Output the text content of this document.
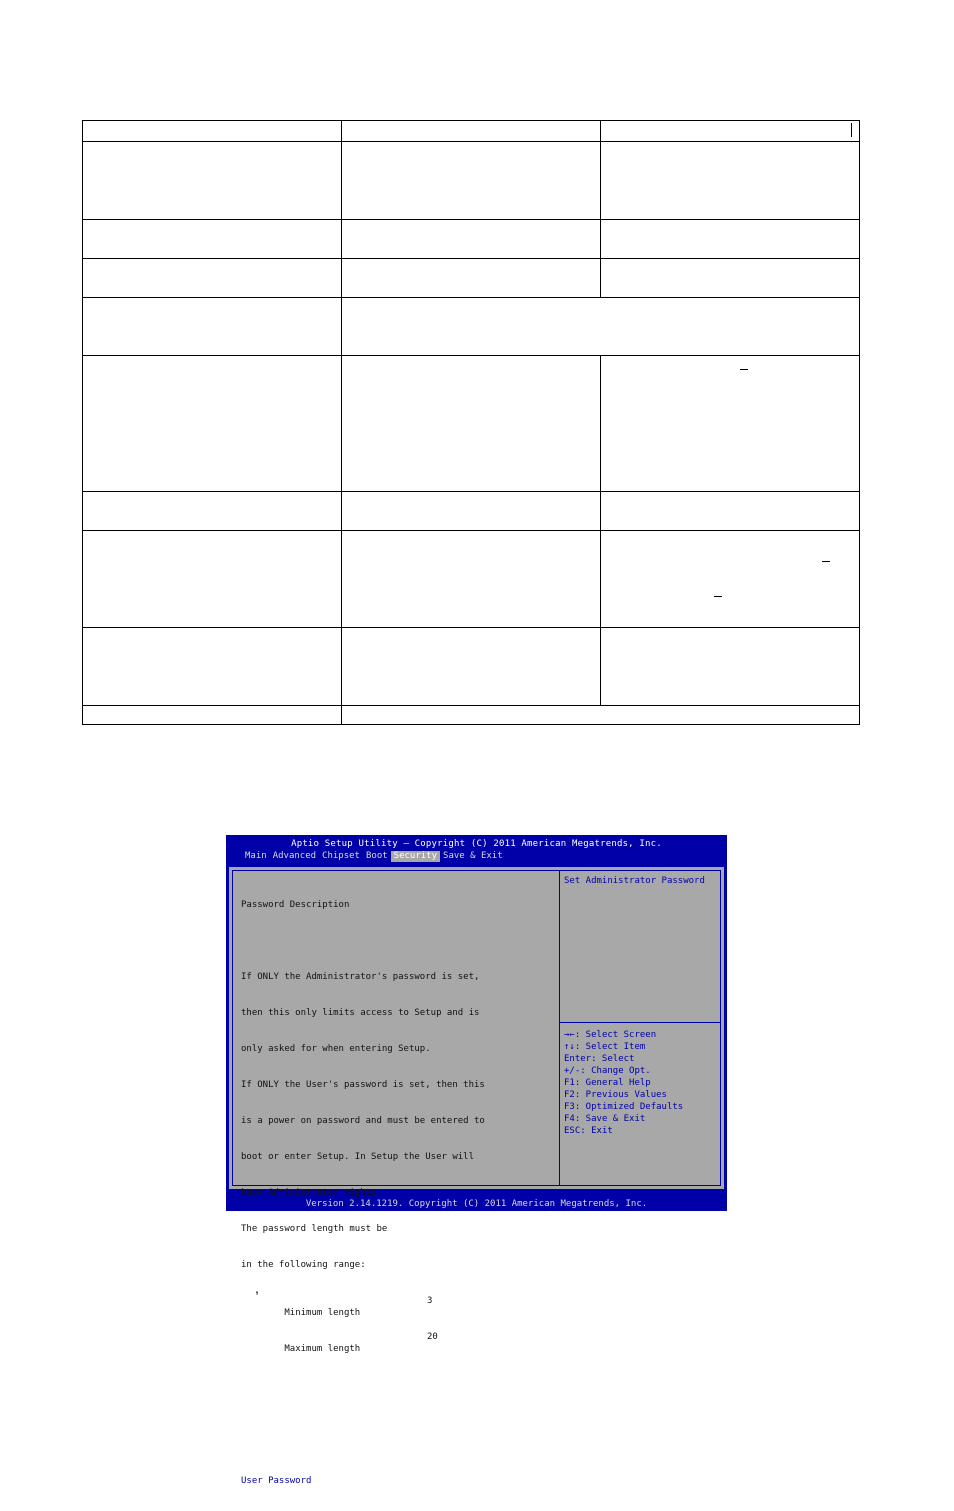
Aptio Setup Utility – Copyright (C) 2011 American Megatrends, Inc.
Main Advanced Chipset Boot Security Save & Exit

Password Description

If ONLY the Administrator's password is set,

then this only limits access to Setup and is

only asked for when entering Setup.

If ONLY the User's password is set, then this

is a power on password and must be entered to

boot or enter Setup. In Setup the User will

have Administrator rights.

The password length must be

in the following range:

Minimum length

3

Maximum length

20

Administrator Password

User Password

Set Administrator Password
→←: Select Screen
↑↓: Select Item
Enter: Select
+/-: Change Opt.
F1: General Help
F2: Previous Values
F3: Optimized Defaults
F4: Save & Exit
ESC: Exit
Version 2.14.1219. Copyright (C) 2011 American Megatrends, Inc.
,
